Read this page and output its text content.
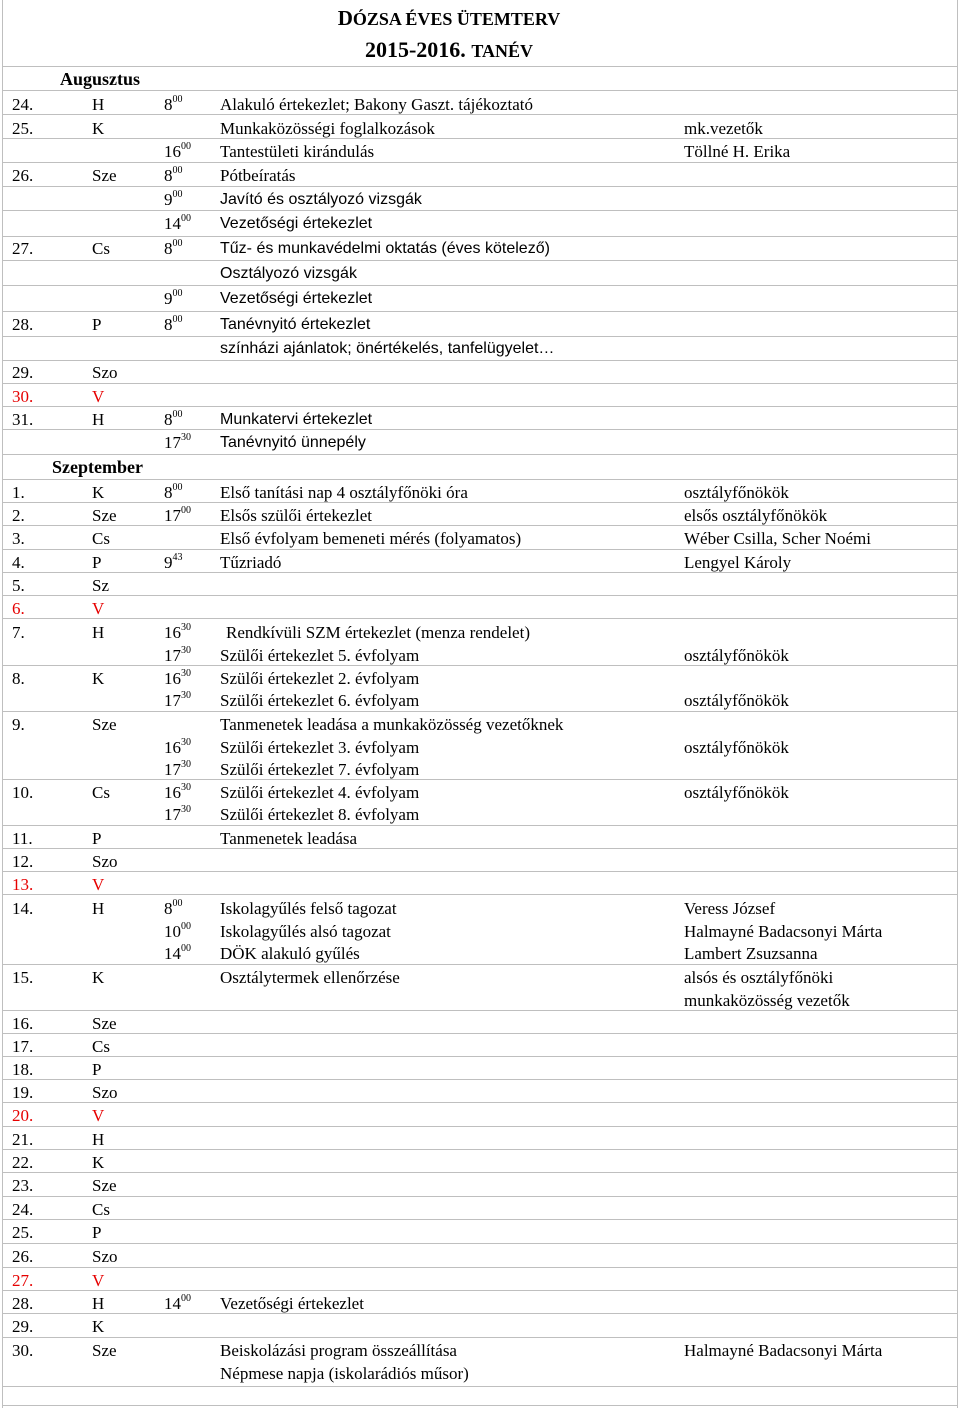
DÓZSA ÉVES ÜTEMTERV
2015-2016. TANÉV
Augusztus
24.	H	$8^{00}$ Alakuló értekezlet; Bakony Gaszt. tájékoztató
25.	K	Munkaközösségi foglalkozások	mk.vezetők
$16^{00}$ Tantestületi kirándulás	Töllné H. Erika
26.	Sze	$8^{00}$ Pótbeíratás
$9^{00}$ Javító és osztályozó vizsgák
$14^{00}$ Vezetőségi értekezlet
27.	Cs	$8^{00}$ Tűz- és munkavédelmi oktatás (éves kötelező)
Osztályozó vizsgák
$9^{00}$ Vezetőségi értekezlet
28.	P	$8^{00}$ Tanévnyitó értekezlet
színházi ajánlatok; önértékelés, tanfelügyelet…
29.	Szo
30.	V
31.	H	$8^{00}$ Munkatervi értekezlet
$17^{30}$ Tanévnyitó ünnepély
Szeptember
1.	K	$8^{00}$ Első tanítási nap 4 osztályfőnöki óra	osztályfőnökök
2.	Sze	$17^{00}$ Elsős szülői értekezlet	elsős osztályfőnökök
3.	Cs	Első évfolyam bemeneti mérés (folyamatos)	Wéber Csilla, Scher Noémi
4.	P	$9^{43}$ Tűzriadó	Lengyel Károly
5.	Sz
6.	V
7.	H	$16^{30}$ Rendkívüli SZM értekezlet (menza rendelet)
$17^{30}$ Szülői értekezlet 5. évfolyam	osztályfőnökök
8.	K	$16^{30}$ Szülői értekezlet 2. évfolyam
$17^{30}$ Szülői értekezlet 6. évfolyam	osztályfőnökök
9.	Sze	Tanmenetek leadása a munkaközösség vezetőknek
$16^{30}$ Szülői értekezlet 3. évfolyam	osztályfőnökök
$17^{30}$ Szülői értekezlet 7. évfolyam
10.	Cs	$16^{30}$ Szülői értekezlet 4. évfolyam	osztályfőnökök
$17^{30}$ Szülői értekezlet 8. évfolyam
11.	P	Tanmenetek leadása
12.	Szo
13.	V
14.	H	$8^{00}$ Iskolagyűlés felső tagozat	Veress József
$10^{00}$ Iskolagyűlés alsó tagozat	Halmayné Badacsonyi Márta
$14^{00}$ DÖK alakuló gyűlés	Lambert Zsuzsanna
15.	K	Osztálytermek ellenőrzése	alsós és osztályfőnöki
munkaközösség vezetők
16.	Sze
17.	Cs
18.	P
19.	Szo
20.	V
21.	H
22.	K
23.	Sze
24.	Cs
25.	P
26.	Szo
27.	V
28.	H	$14^{00}$ Vezetőségi értekezlet
29.	K
30.	Sze	Beiskolázási program összeállítása	Halmayné Badacsonyi Márta
Népmese napja (iskolarádiós műsor)
